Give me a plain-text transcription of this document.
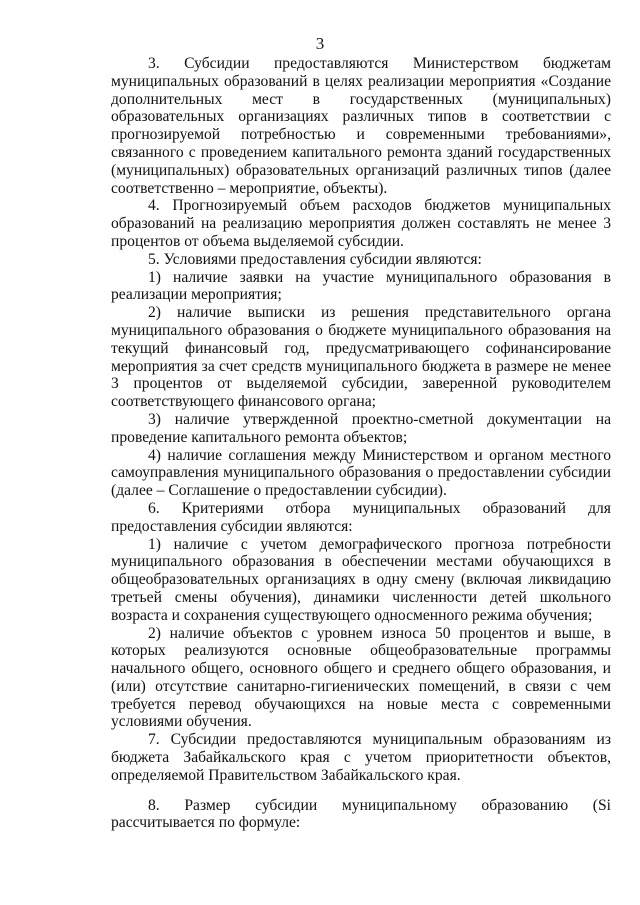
3

3. Субсидии предоставляются Министерством бюджетам муниципальных образований в целях реализации мероприятия «Создание дополнительных мест в государственных (муниципальных) образовательных организациях различных типов в соответствии с прогнозируемой потребностью и современными требованиями», связанного с проведением капитального ремонта зданий государственных (муниципальных) образовательных организаций различных типов (далее соответственно – мероприятие, объекты).

4. Прогнозируемый объем расходов бюджетов муниципальных образований на реализацию мероприятия должен составлять не менее 3 процентов от объема выделяемой субсидии.

5. Условиями предоставления субсидии являются:

1) наличие заявки на участие муниципального образования в реализации мероприятия;

2) наличие выписки из решения представительного органа муниципального образования о бюджете муниципального образования на текущий финансовый год, предусматривающего софинансирование мероприятия за счет средств муниципального бюджета в размере не менее 3 процентов от выделяемой субсидии, заверенной руководителем соответствующего финансового органа;

3) наличие утвержденной проектно-сметной документации на проведение капитального ремонта объектов;

4) наличие соглашения между Министерством и органом местного самоуправления муниципального образования о предоставлении субсидии (далее – Соглашение о предоставлении субсидии).

6. Критериями отбора муниципальных образований для предоставления субсидии являются:

1) наличие с учетом демографического прогноза потребности муниципального образования в обеспечении местами обучающихся в общеобразовательных организациях в одну смену (включая ликвидацию третьей смены обучения), динамики численности детей школьного возраста и сохранения существующего односменного режима обучения;

2) наличие объектов с уровнем износа 50 процентов и выше, в которых реализуются основные общеобразовательные программы начального общего, основного общего и среднего общего образования, и (или) отсутствие санитарно-гигиенических помещений, в связи с чем требуется перевод обучающихся на новые места с современными условиями обучения.

7. Субсидии предоставляются муниципальным образованиям из бюджета Забайкальского края с учетом приоритетности объектов, определяемой Правительством Забайкальского края.

8. Размер субсидии муниципальному образованию (Si рассчитывается по формуле:
